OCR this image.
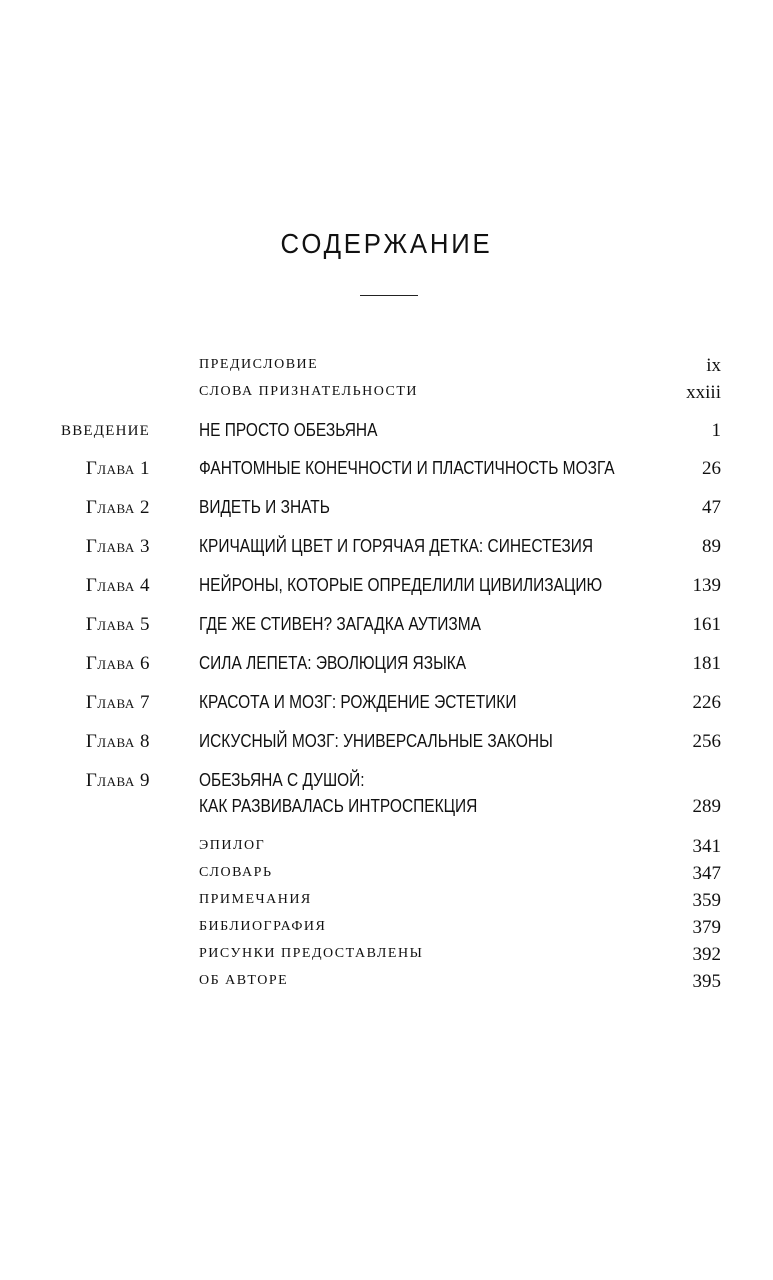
СОДЕРЖАНИЕ
ПРЕДИСЛОВИЕ	ix
СЛОВА ПРИЗНАТЕЛЬНОСТИ	xxiii
ВВЕДЕНИЕ	НЕ ПРОСТО ОБЕЗЬЯНА	1
Глава 1	ФАНТОМНЫЕ КОНЕЧНОСТИ И ПЛАСТИЧНОСТЬ МОЗГА	26
Глава 2	ВИДЕТЬ И ЗНАТЬ	47
Глава 3	КРИЧАЩИЙ ЦВЕТ И ГОРЯЧАЯ ДЕТКА: СИНЕСТЕЗИЯ	89
Глава 4	НЕЙРОНЫ, КОТОРЫЕ ОПРЕДЕЛИЛИ ЦИВИЛИЗАЦИЮ	139
Глава 5	ГДЕ ЖЕ СТИВЕН? ЗАГАДКА АУТИЗМА	161
Глава 6	СИЛА ЛЕПЕТА: ЭВОЛЮЦИЯ ЯЗЫКА	181
Глава 7	КРАСОТА И МОЗГ: РОЖДЕНИЕ ЭСТЕТИКИ	226
Глава 8	ИСКУСНЫЙ МОЗГ: УНИВЕРСАЛЬНЫЕ ЗАКОНЫ	256
Глава 9	ОБЕЗЬЯНА С ДУШОЙ:
КАК РАЗВИВАЛАСЬ ИНТРОСПЕКЦИЯ	289
ЭПИЛОГ	341
СЛОВАРЬ	347
ПРИМЕЧАНИЯ	359
БИБЛИОГРАФИЯ	379
РИСУНКИ ПРЕДОСТАВЛЕНЫ	392
ОБ АВТОРЕ	395
